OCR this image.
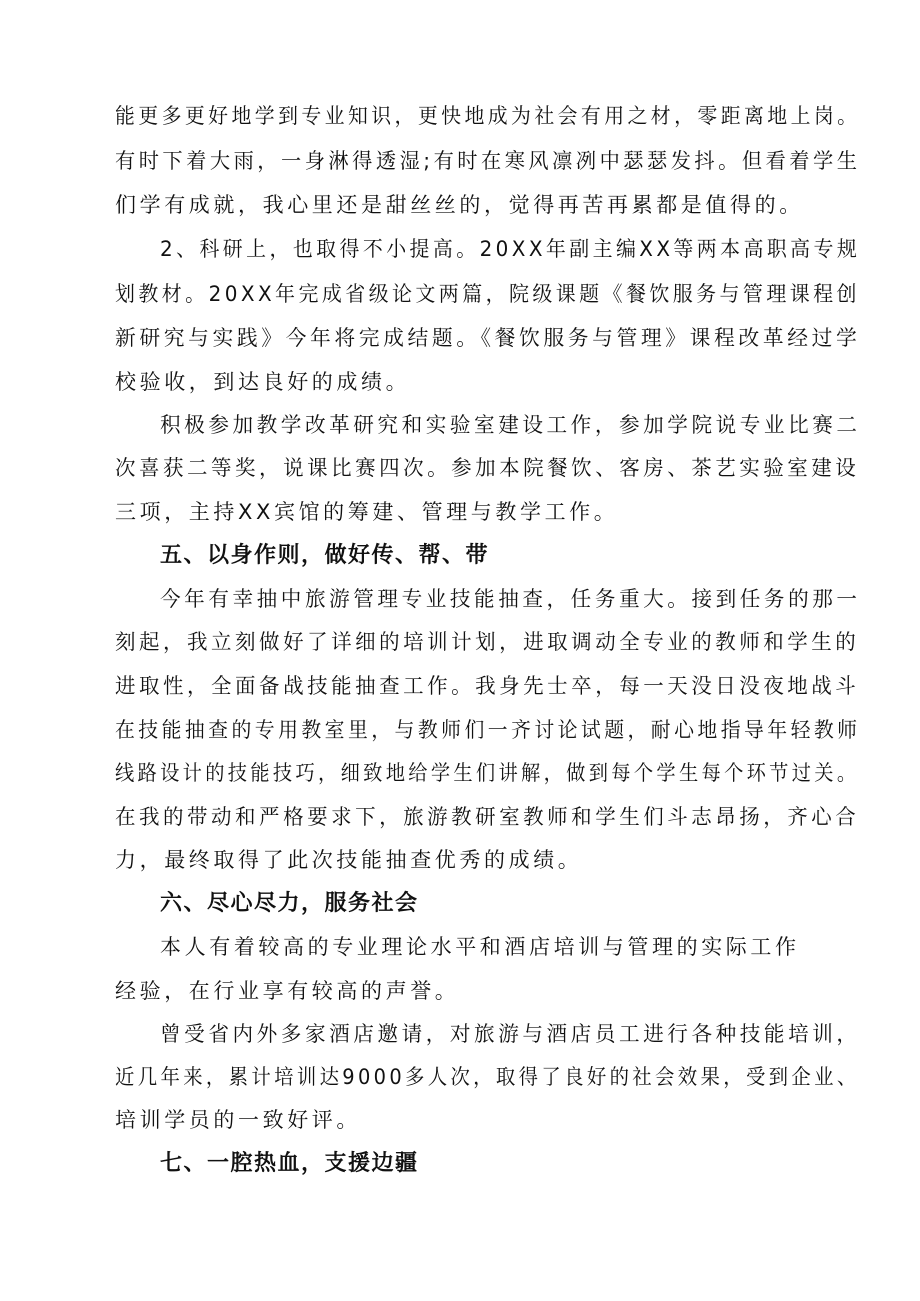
能更多更好地学到专业知识，更快地成为社会有用之材，零距离地上岗。

有时下着大雨，一身淋得透湿;有时在寒风凛冽中瑟瑟发抖。但看着学生

们学有成就，我心里还是甜丝丝的，觉得再苦再累都是值得的。

2、科研上，也取得不小提高。20XX年副主编XX等两本高职高专规

划教材。20XX年完成省级论文两篇，院级课题《餐饮服务与管理课程创

新研究与实践》今年将完成结题。《餐饮服务与管理》课程改革经过学

校验收，到达良好的成绩。

积极参加教学改革研究和实验室建设工作，参加学院说专业比赛二

次喜获二等奖，说课比赛四次。参加本院餐饮、客房、茶艺实验室建设

三项，主持XX宾馆的筹建、管理与教学工作。

五、以身作则，做好传、帮、带

今年有幸抽中旅游管理专业技能抽查，任务重大。接到任务的那一

刻起，我立刻做好了详细的培训计划，进取调动全专业的教师和学生的

进取性，全面备战技能抽查工作。我身先士卒，每一天没日没夜地战斗

在技能抽查的专用教室里，与教师们一齐讨论试题，耐心地指导年轻教师

线路设计的技能技巧，细致地给学生们讲解，做到每个学生每个环节过关。

在我的带动和严格要求下，旅游教研室教师和学生们斗志昂扬，齐心合

力，最终取得了此次技能抽查优秀的成绩。

六、尽心尽力，服务社会

本人有着较高的专业理论水平和酒店培训与管理的实际工作

经验，在行业享有较高的声誉。

曾受省内外多家酒店邀请，对旅游与酒店员工进行各种技能培训，

近几年来，累计培训达9000多人次，取得了良好的社会效果，受到企业、

培训学员的一致好评。

七、一腔热血，支援边疆
